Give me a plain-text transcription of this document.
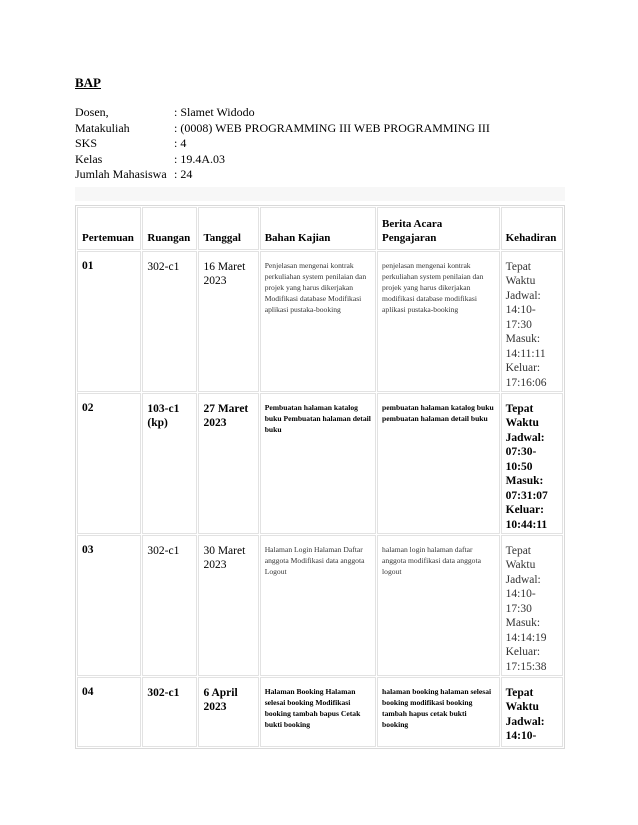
BAP
Dosen,	: Slamet Widodo
Matakuliah	: (0008) WEB PROGRAMMING III WEB PROGRAMMING III
SKS	: 4
Kelas	: 19.4A.03
Jumlah Mahasiswa : 24
Pertemuan	Ruangan	Tanggal	Bahan Kajian	Berita Acara Pengajaran	Kehadiran
01	302-c1	16 Maret 2023	Penjelasan mengenai kontrak perkuliahan system penilaian dan projek yang harus dikerjakan Modifikasi database Modifikasi aplikasi pustaka-booking	penjelasan mengenai kontrak perkuliahan system penilaian dan projek yang harus dikerjakan modifikasi database modifikasi aplikasi pustaka-booking	Tepat Waktu Jadwal: 14:10-17:30 Masuk: 14:11:11 Keluar: 17:16:06
02	103-c1 (kp)	27 Maret 2023	Pembuatan halaman katalog buku Pembuatan halaman detail buku	pembuatan halaman katalog buku pembuatan halaman detail buku	Tepat Waktu Jadwal: 07:30-10:50 Masuk: 07:31:07 Keluar: 10:44:11
03	302-c1	30 Maret 2023	Halaman Login Halaman Daftar anggota Modifikasi data anggota Logout	halaman login halaman daftar anggota modifikasi data anggota logout	Tepat Waktu Jadwal: 14:10-17:30 Masuk: 14:14:19 Keluar: 17:15:38
04	302-c1	6 April 2023	Halaman Booking Halaman selesai booking Modifikasi booking tambah bapus Cetak bukti booking	halaman booking halaman selesai booking modifikasi booking tambah hapus cetak bukti booking	Tepat Waktu Jadwal: 14:10-
